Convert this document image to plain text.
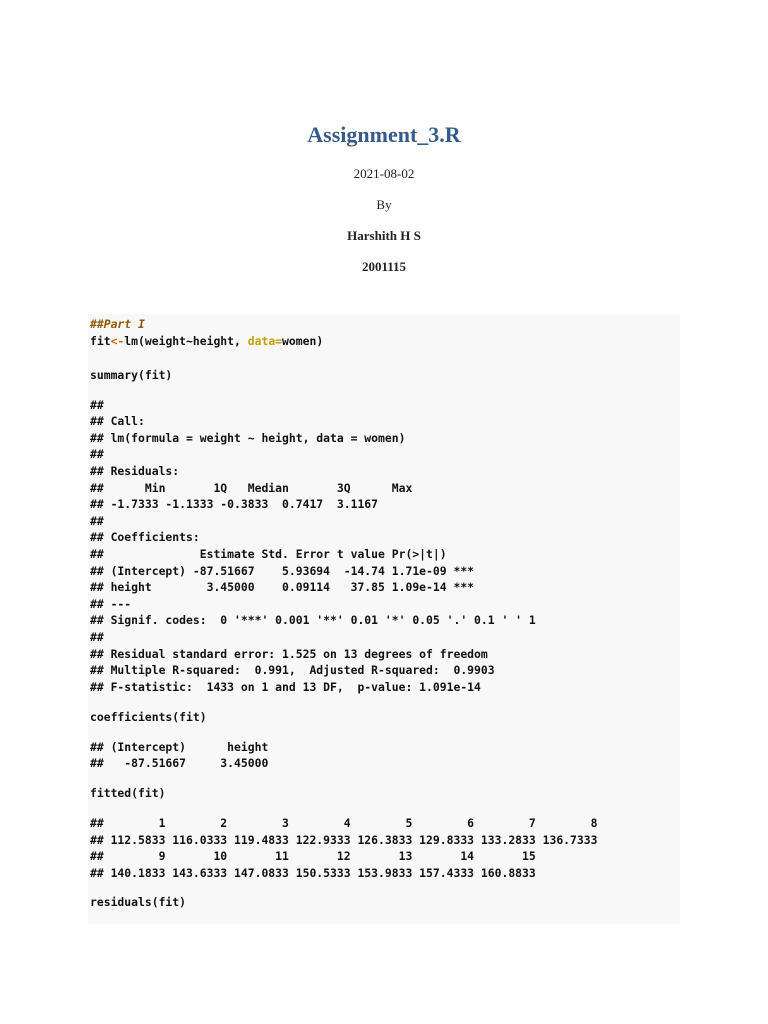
Assignment_3.R
2021-08-02
By
Harshith H S
2001115
##Part I
fit<-lm(weight~height, data=women)
summary(fit)
##
## Call:
## lm(formula = weight ~ height, data = women)
##
## Residuals:
##      Min       1Q   Median       3Q      Max
## -1.7333 -1.1333 -0.3833  0.7417  3.1167
##
## Coefficients:
##              Estimate Std. Error t value Pr(>|t|)
## (Intercept) -87.51667    5.93694  -14.74 1.71e-09 ***
## height        3.45000    0.09114   37.85 1.09e-14 ***
## ---
## Signif. codes:  0 '***' 0.001 '**' 0.01 '*' 0.05 '.' 0.1 ' ' 1
##
## Residual standard error: 1.525 on 13 degrees of freedom
## Multiple R-squared:  0.991,  Adjusted R-squared:  0.9903
## F-statistic:  1433 on 1 and 13 DF,  p-value: 1.091e-14
coefficients(fit)
## (Intercept)      height
##   -87.51667     3.45000
fitted(fit)
##        1        2        3        4        5        6        7        8
## 112.5833 116.0333 119.4833 122.9333 126.3833 129.8333 133.2833 136.7333
##        9       10       11       12       13       14       15
## 140.1833 143.6333 147.0833 150.5333 153.9833 157.4333 160.8833
residuals(fit)
